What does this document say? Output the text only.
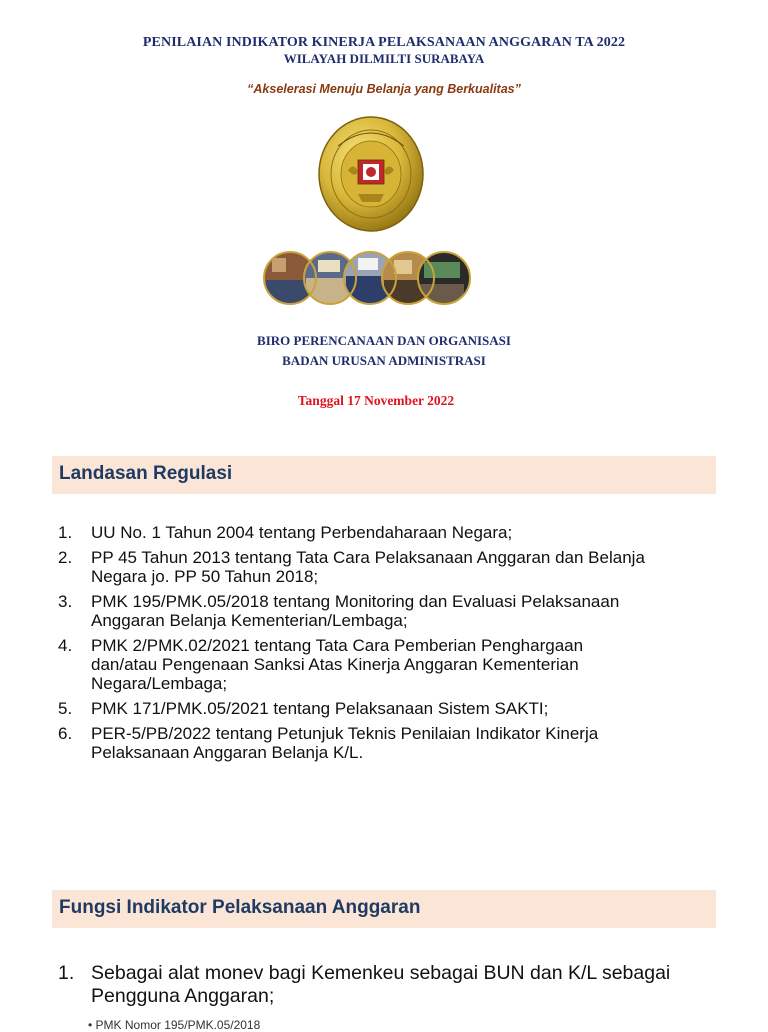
PENILAIAN INDIKATOR KINERJA PELAKSANAAN ANGGARAN TA 2022
WILAYAH DILMILTI SURABAYA
“Akselerasi Menuju Belanja yang Berkualitas”
BIRO PERENCANAAN DAN ORGANISASI
BADAN URUSAN ADMINISTRASI
Tanggal 17 November 2022
Landasan Regulasi
1. UU No. 1 Tahun 2004 tentang Perbendaharaan Negara;
2. PP 45 Tahun 2013 tentang Tata Cara Pelaksanaan Anggaran dan Belanja
Negara jo. PP 50 Tahun 2018;
3. PMK 195/PMK.05/2018 tentang Monitoring dan Evaluasi Pelaksanaan
Anggaran Belanja Kementerian/Lembaga;
4. PMK 2/PMK.02/2021 tentang Tata Cara Pemberian Penghargaan
dan/atau Pengenaan Sanksi Atas Kinerja Anggaran Kementerian
Negara/Lembaga;
5. PMK 171/PMK.05/2021 tentang Pelaksanaan Sistem SAKTI;
6. PER-5/PB/2022 tentang Petunjuk Teknis Penilaian Indikator Kinerja
Pelaksanaan Anggaran Belanja K/L.
Fungsi Indikator Pelaksanaan Anggaran
1. Sebagai alat monev bagi Kemenkeu sebagai BUN dan K/L sebagai
Pengguna Anggaran;
• PMK Nomor 195/PMK.05/2018
